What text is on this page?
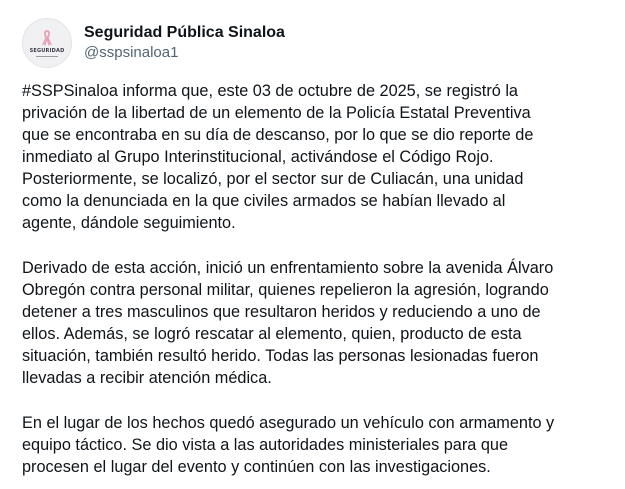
SEGURIDAD
Seguridad Pública Sinaloa
@sspsinaloa1

#SSPSinaloa informa que, este 03 de octubre de 2025, se registró la
privación de la libertad de un elemento de la Policía Estatal Preventiva
que se encontraba en su día de descanso, por lo que se dio reporte de
inmediato al Grupo Interinstitucional, activándose el Código Rojo.
Posteriormente, se localizó, por el sector sur de Culiacán, una unidad
como la denunciada en la que civiles armados se habían llevado al
agente, dándole seguimiento.

Derivado de esta acción, inició un enfrentamiento sobre la avenida Álvaro
Obregón contra personal militar, quienes repelieron la agresión, logrando
detener a tres masculinos que resultaron heridos y reduciendo a uno de
ellos. Además, se logró rescatar al elemento, quien, producto de esta
situación, también resultó herido. Todas las personas lesionadas fueron
llevadas a recibir atención médica.

En el lugar de los hechos quedó asegurado un vehículo con armamento y
equipo táctico. Se dio vista a las autoridades ministeriales para que
procesen el lugar del evento y continúen con las investigaciones.
